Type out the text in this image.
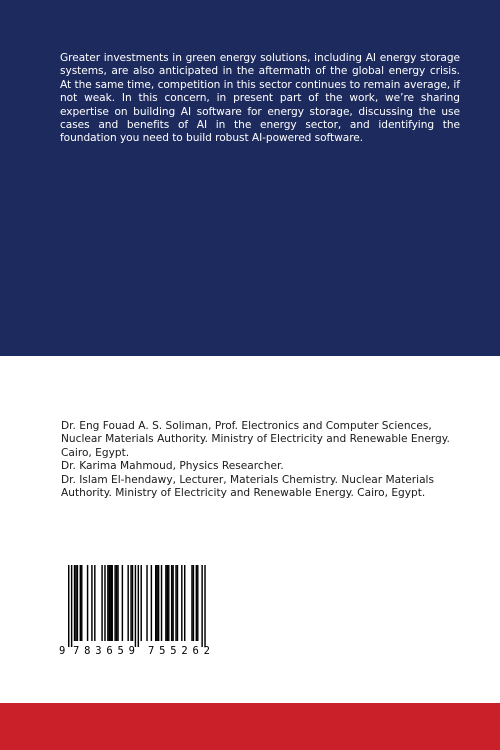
Greater investments in green energy solutions, including AI energy storage systems, are also anticipated in the aftermath of the global energy crisis. At the same time, competition in this sector continues to remain average, if not weak. In this concern, in present part of the work, we’re sharing expertise on building AI software for energy storage, discussing the use cases and benefits of AI in the energy sector, and identifying the foundation you need to build robust AI-powered software.

Dr. Eng Fouad A. S. Soliman, Prof. Electronics and Computer Sciences, Nuclear Materials Authority. Ministry of Electricity and Renewable Energy. Cairo, Egypt.

Dr. Karima Mahmoud, Physics Researcher.

Dr. Islam El-hendawy, Lecturer, Materials Chemistry. Nuclear Materials Authority. Ministry of Electricity and Renewable Energy. Cairo, Egypt.

9 783659 755262
